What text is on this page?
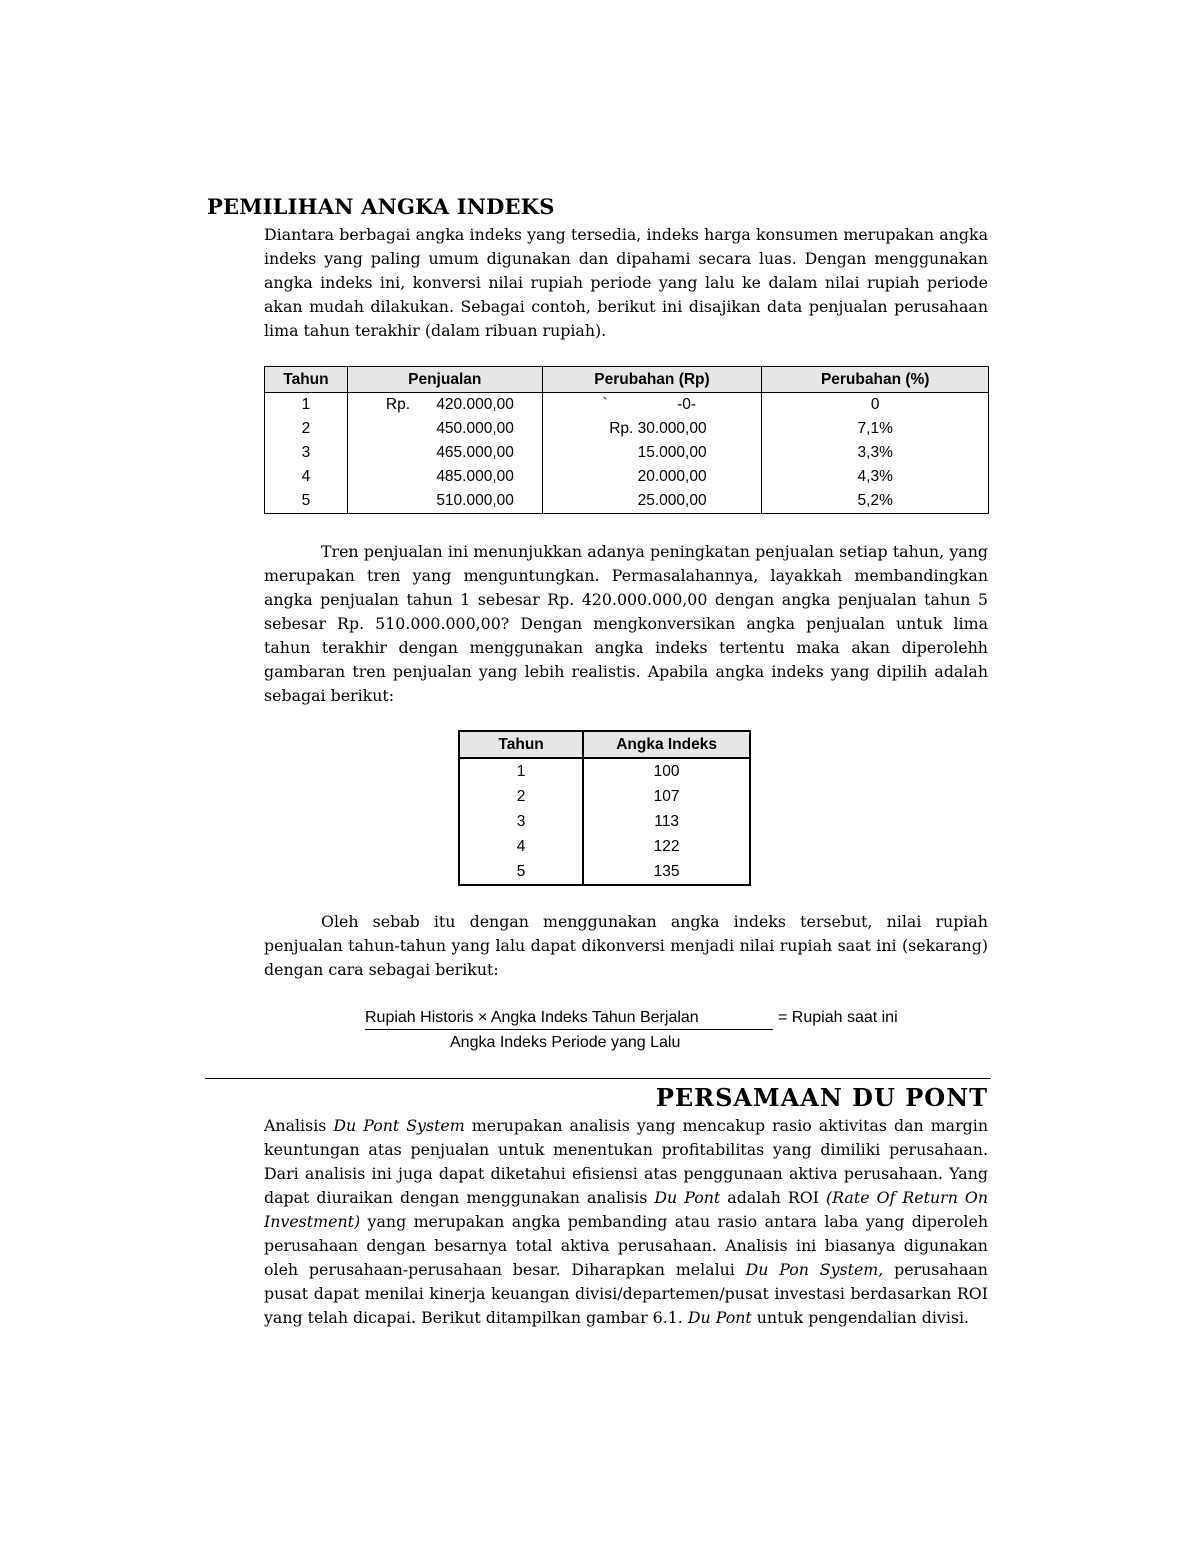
PEMILIHAN ANGKA INDEKS
Diantara berbagai angka indeks yang tersedia, indeks harga konsumen merupakan angka indeks yang paling umum digunakan dan dipahami secara luas. Dengan menggunakan angka indeks ini, konversi nilai rupiah periode yang lalu ke dalam nilai rupiah periode akan mudah dilakukan. Sebagai contoh, berikut ini disajikan data penjualan perusahaan lima tahun terakhir (dalam ribuan rupiah).
Tahun	Penjualan	Perubahan (Rp)	Perubahan (%)
1	Rp. 420.000,00	` -0-	0
2	450.000,00	Rp. 30.000,00	7,1%
3	465.000,00	15.000,00	3,3%
4	485.000,00	20.000,00	4,3%
5	510.000,00	25.000,00	5,2%
Tren penjualan ini menunjukkan adanya peningkatan penjualan setiap tahun, yang merupakan tren yang menguntungkan. Permasalahannya, layakkah membandingkan angka penjualan tahun 1 sebesar Rp. 420.000.000,00 dengan angka penjualan tahun 5 sebesar Rp. 510.000.000,00? Dengan mengkonversikan angka penjualan untuk lima tahun terakhir dengan menggunakan angka indeks tertentu maka akan diperolehh gambaran tren penjualan yang lebih realistis. Apabila angka indeks yang dipilih adalah sebagai berikut:
Tahun	Angka Indeks
1	100
2	107
3	113
4	122
5	135
Oleh sebab itu dengan menggunakan angka indeks tersebut, nilai rupiah penjualan tahun-tahun yang lalu dapat dikonversi menjadi nilai rupiah saat ini (sekarang) dengan cara sebagai berikut:
Rupiah Historis × Angka Indeks Tahun Berjalan	= Rupiah saat ini
Angka Indeks Periode yang Lalu
PERSAMAAN DU PONT
Analisis Du Pont System merupakan analisis yang mencakup rasio aktivitas dan margin keuntungan atas penjualan untuk menentukan profitabilitas yang dimiliki perusahaan. Dari analisis ini juga dapat diketahui efisiensi atas penggunaan aktiva perusahaan. Yang dapat diuraikan dengan menggunakan analisis Du Pont adalah ROI (Rate Of Return On Investment) yang merupakan angka pembanding atau rasio antara laba yang diperoleh perusahaan dengan besarnya total aktiva perusahaan. Analisis ini biasanya digunakan oleh perusahaan-perusahaan besar. Diharapkan melalui Du Pon System, perusahaan pusat dapat menilai kinerja keuangan divisi/departemen/pusat investasi berdasarkan ROI yang telah dicapai. Berikut ditampilkan gambar 6.1. Du Pont untuk pengendalian divisi.
